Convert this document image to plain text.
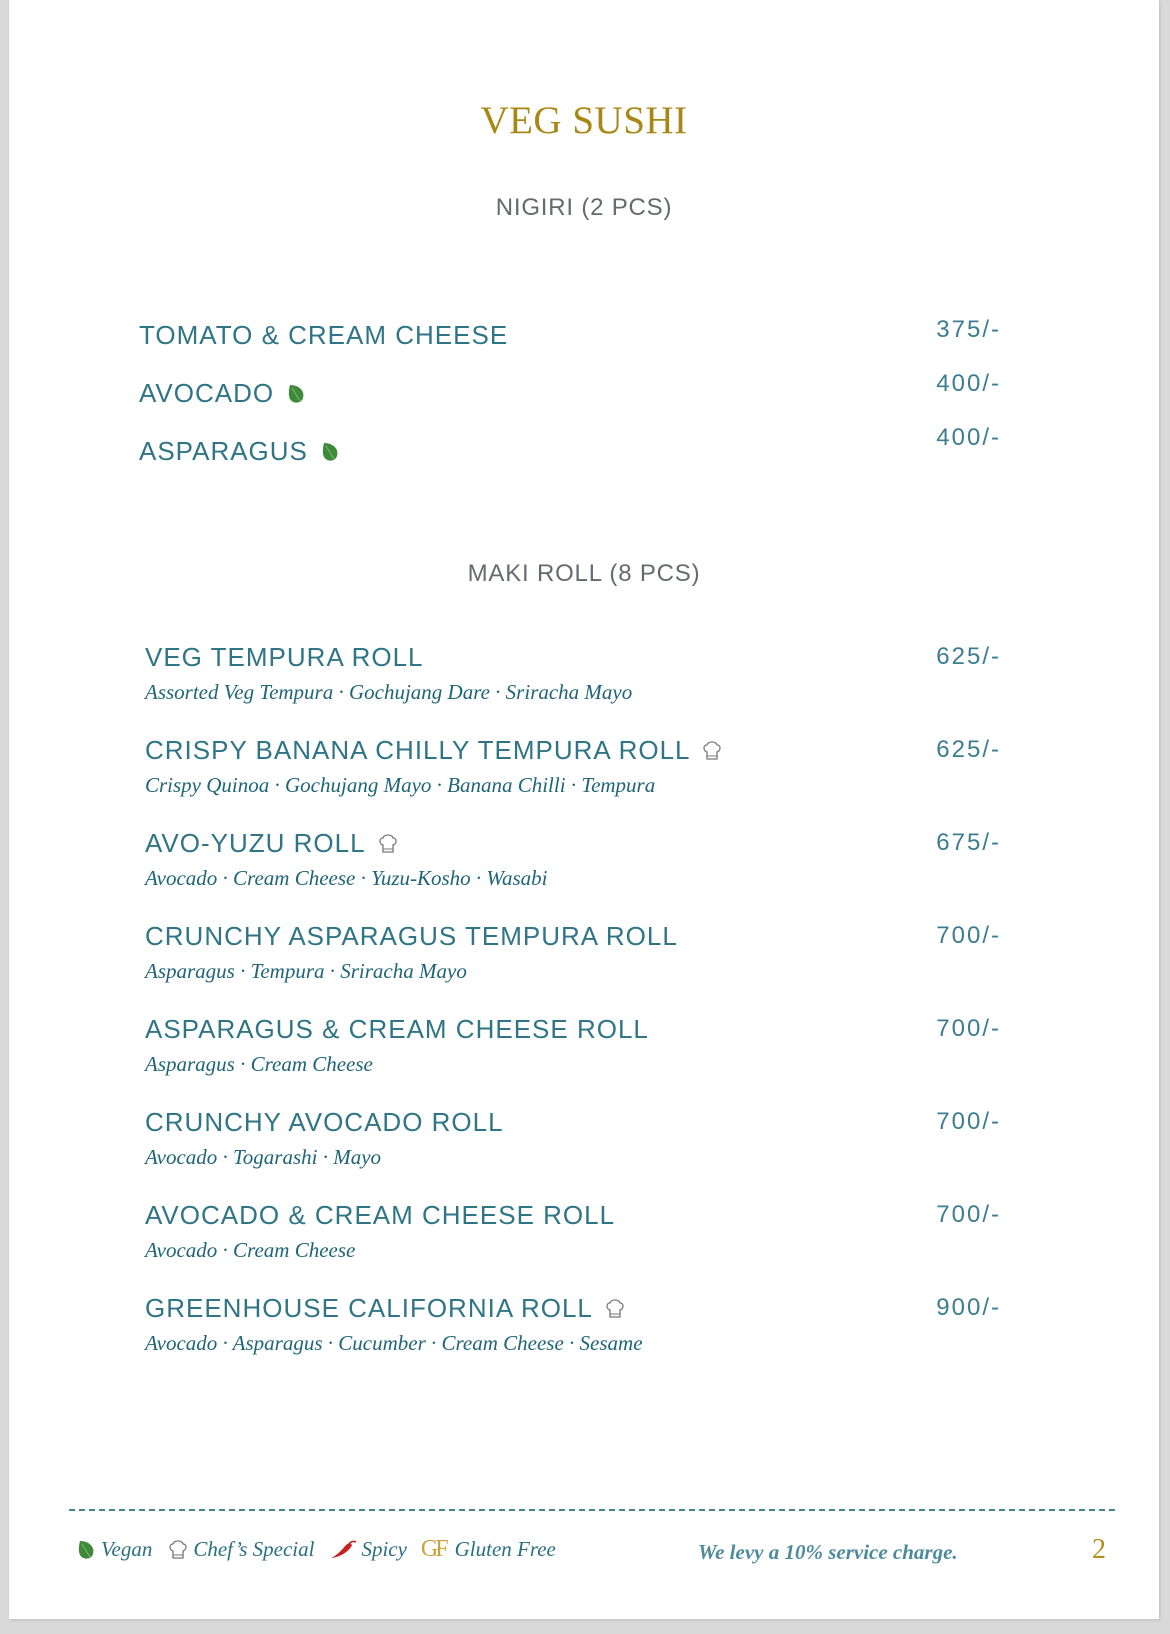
VEG SUSHI
NIGIRI (2 PCS)
TOMATO & CREAM CHEESE	375/-
AVOCADO	400/-
ASPARAGUS	400/-
MAKI ROLL (8 PCS)
VEG TEMPURA ROLL
Assorted Veg Tempura · Gochujang Dare · Sriracha Mayo
625/-
CRISPY BANANA CHILLY TEMPURA ROLL
Crispy Quinoa · Gochujang Mayo · Banana Chilli · Tempura
625/-
AVO-YUZU ROLL
Avocado · Cream Cheese · Yuzu-Kosho · Wasabi
675/-
CRUNCHY ASPARAGUS TEMPURA ROLL
Asparagus · Tempura · Sriracha Mayo
700/-
ASPARAGUS & CREAM CHEESE ROLL
Asparagus · Cream Cheese
700/-
CRUNCHY AVOCADO ROLL
Avocado · Togarashi · Mayo
700/-
AVOCADO & CREAM CHEESE ROLL
Avocado · Cream Cheese
700/-
GREENHOUSE CALIFORNIA ROLL
Avocado · Asparagus · Cucumber · Cream Cheese · Sesame
900/-
Vegan Chef’s Special Spicy GF Gluten Free	We levy a 10% service charge.	2
